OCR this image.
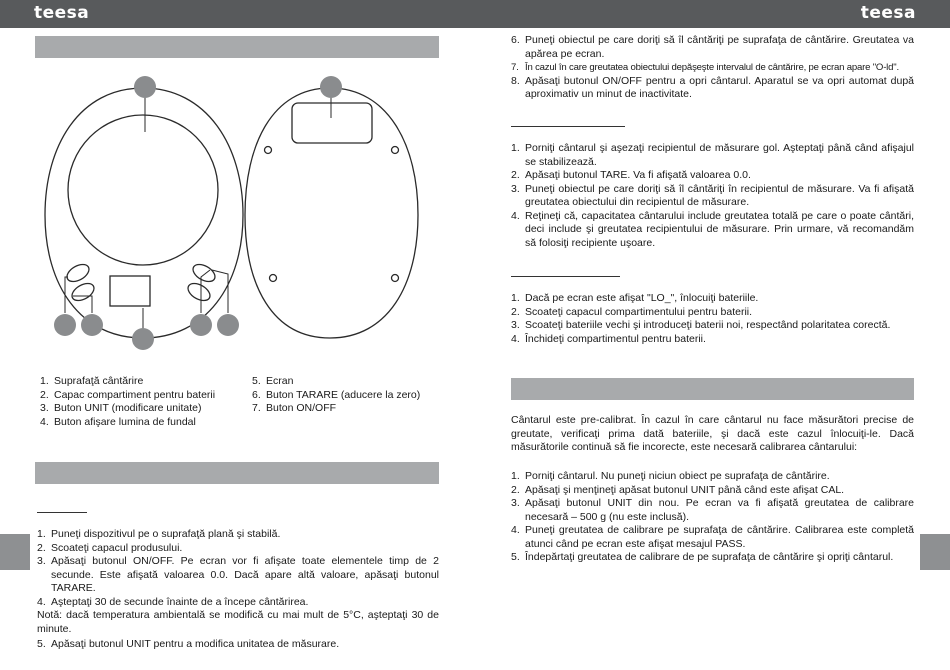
teesa	teesa
1. Suprafaţă cântărire
2. Capac compartiment pentru baterii
3. Buton UNIT (modificare unitate)
4. Buton afişare lumina de fundal
5. Ecran
6. Buton TARARE (aducere la zero)
7. Buton ON/OFF
1. Puneţi dispozitivul pe o suprafaţă plană şi stabilă.
2. Scoateţi capacul produsului.
3. Apăsaţi butonul ON/OFF. Pe ecran vor fi afişate toate elementele timp de 2 secunde. Este afişată valoarea 0.0. Dacă apare altă valoare, apăsaţi butonul TARARE.
4. Aşteptaţi 30 de secunde înainte de a începe cântărirea.

Notă: dacă temperatura ambientală se modifică cu mai mult de 5°C, aşteptaţi 30 de minute.

5. Apăsaţi butonul UNIT pentru a modifica unitatea de măsurare.
6. Puneţi obiectul pe care doriţi să îl cântăriţi pe suprafaţa de cântărire. Greutatea va apărea pe ecran.
7. În cazul în care greutatea obiectului depăşeşte intervalul de cântărire, pe ecran apare "O-ld".
8. Apăsaţi butonul ON/OFF pentru a opri cântarul. Aparatul se va opri automat după aproximativ un minut de inactivitate.
1. Porniţi cântarul şi aşezaţi recipientul de măsurare gol. Aşteptaţi până când afişajul se stabilizează.
2. Apăsaţi butonul TARE. Va fi afişată valoarea 0.0.
3. Puneţi obiectul pe care doriţi să îl cântăriţi în recipientul de măsurare. Va fi afişată greutatea obiectului din recipientul de măsurare.
4. Reţineţi că, capacitatea cântarului include greutatea totală pe care o poate cântări, deci include şi greutatea recipientului de măsurare. Prin urmare, vă recomandăm să folosiţi recipiente uşoare.
1. Dacă pe ecran este afişat "LO_", înlocuiţi bateriile.
2. Scoateţi capacul compartimentului pentru baterii.
3. Scoateţi bateriile vechi şi introduceţi baterii noi, respectând polaritatea corectă.
4. Închideţi compartimentul pentru baterii.
Cântarul este pre-calibrat. În cazul în care cântarul nu face măsurători precise de greutate, verificaţi prima dată bateriile, şi dacă este cazul înlocuiţi-le. Dacă măsurătorile continuă să fie incorecte, este necesară calibrarea cântarului:
1. Porniţi cântarul. Nu puneţi niciun obiect pe suprafaţa de cântărire.
2. Apăsaţi şi menţineţi apăsat butonul UNIT până când este afişat CAL.
3. Apăsaţi butonul UNIT din nou. Pe ecran va fi afişată greutatea de calibrare necesară – 500 g (nu este inclusă).
4. Puneţi greutatea de calibrare pe suprafaţa de cântărire. Calibrarea este completă atunci când pe ecran este afişat mesajul PASS.
5. Îndepărtaţi greutatea de calibrare de pe suprafaţa de cântărire şi opriţi cântarul.
